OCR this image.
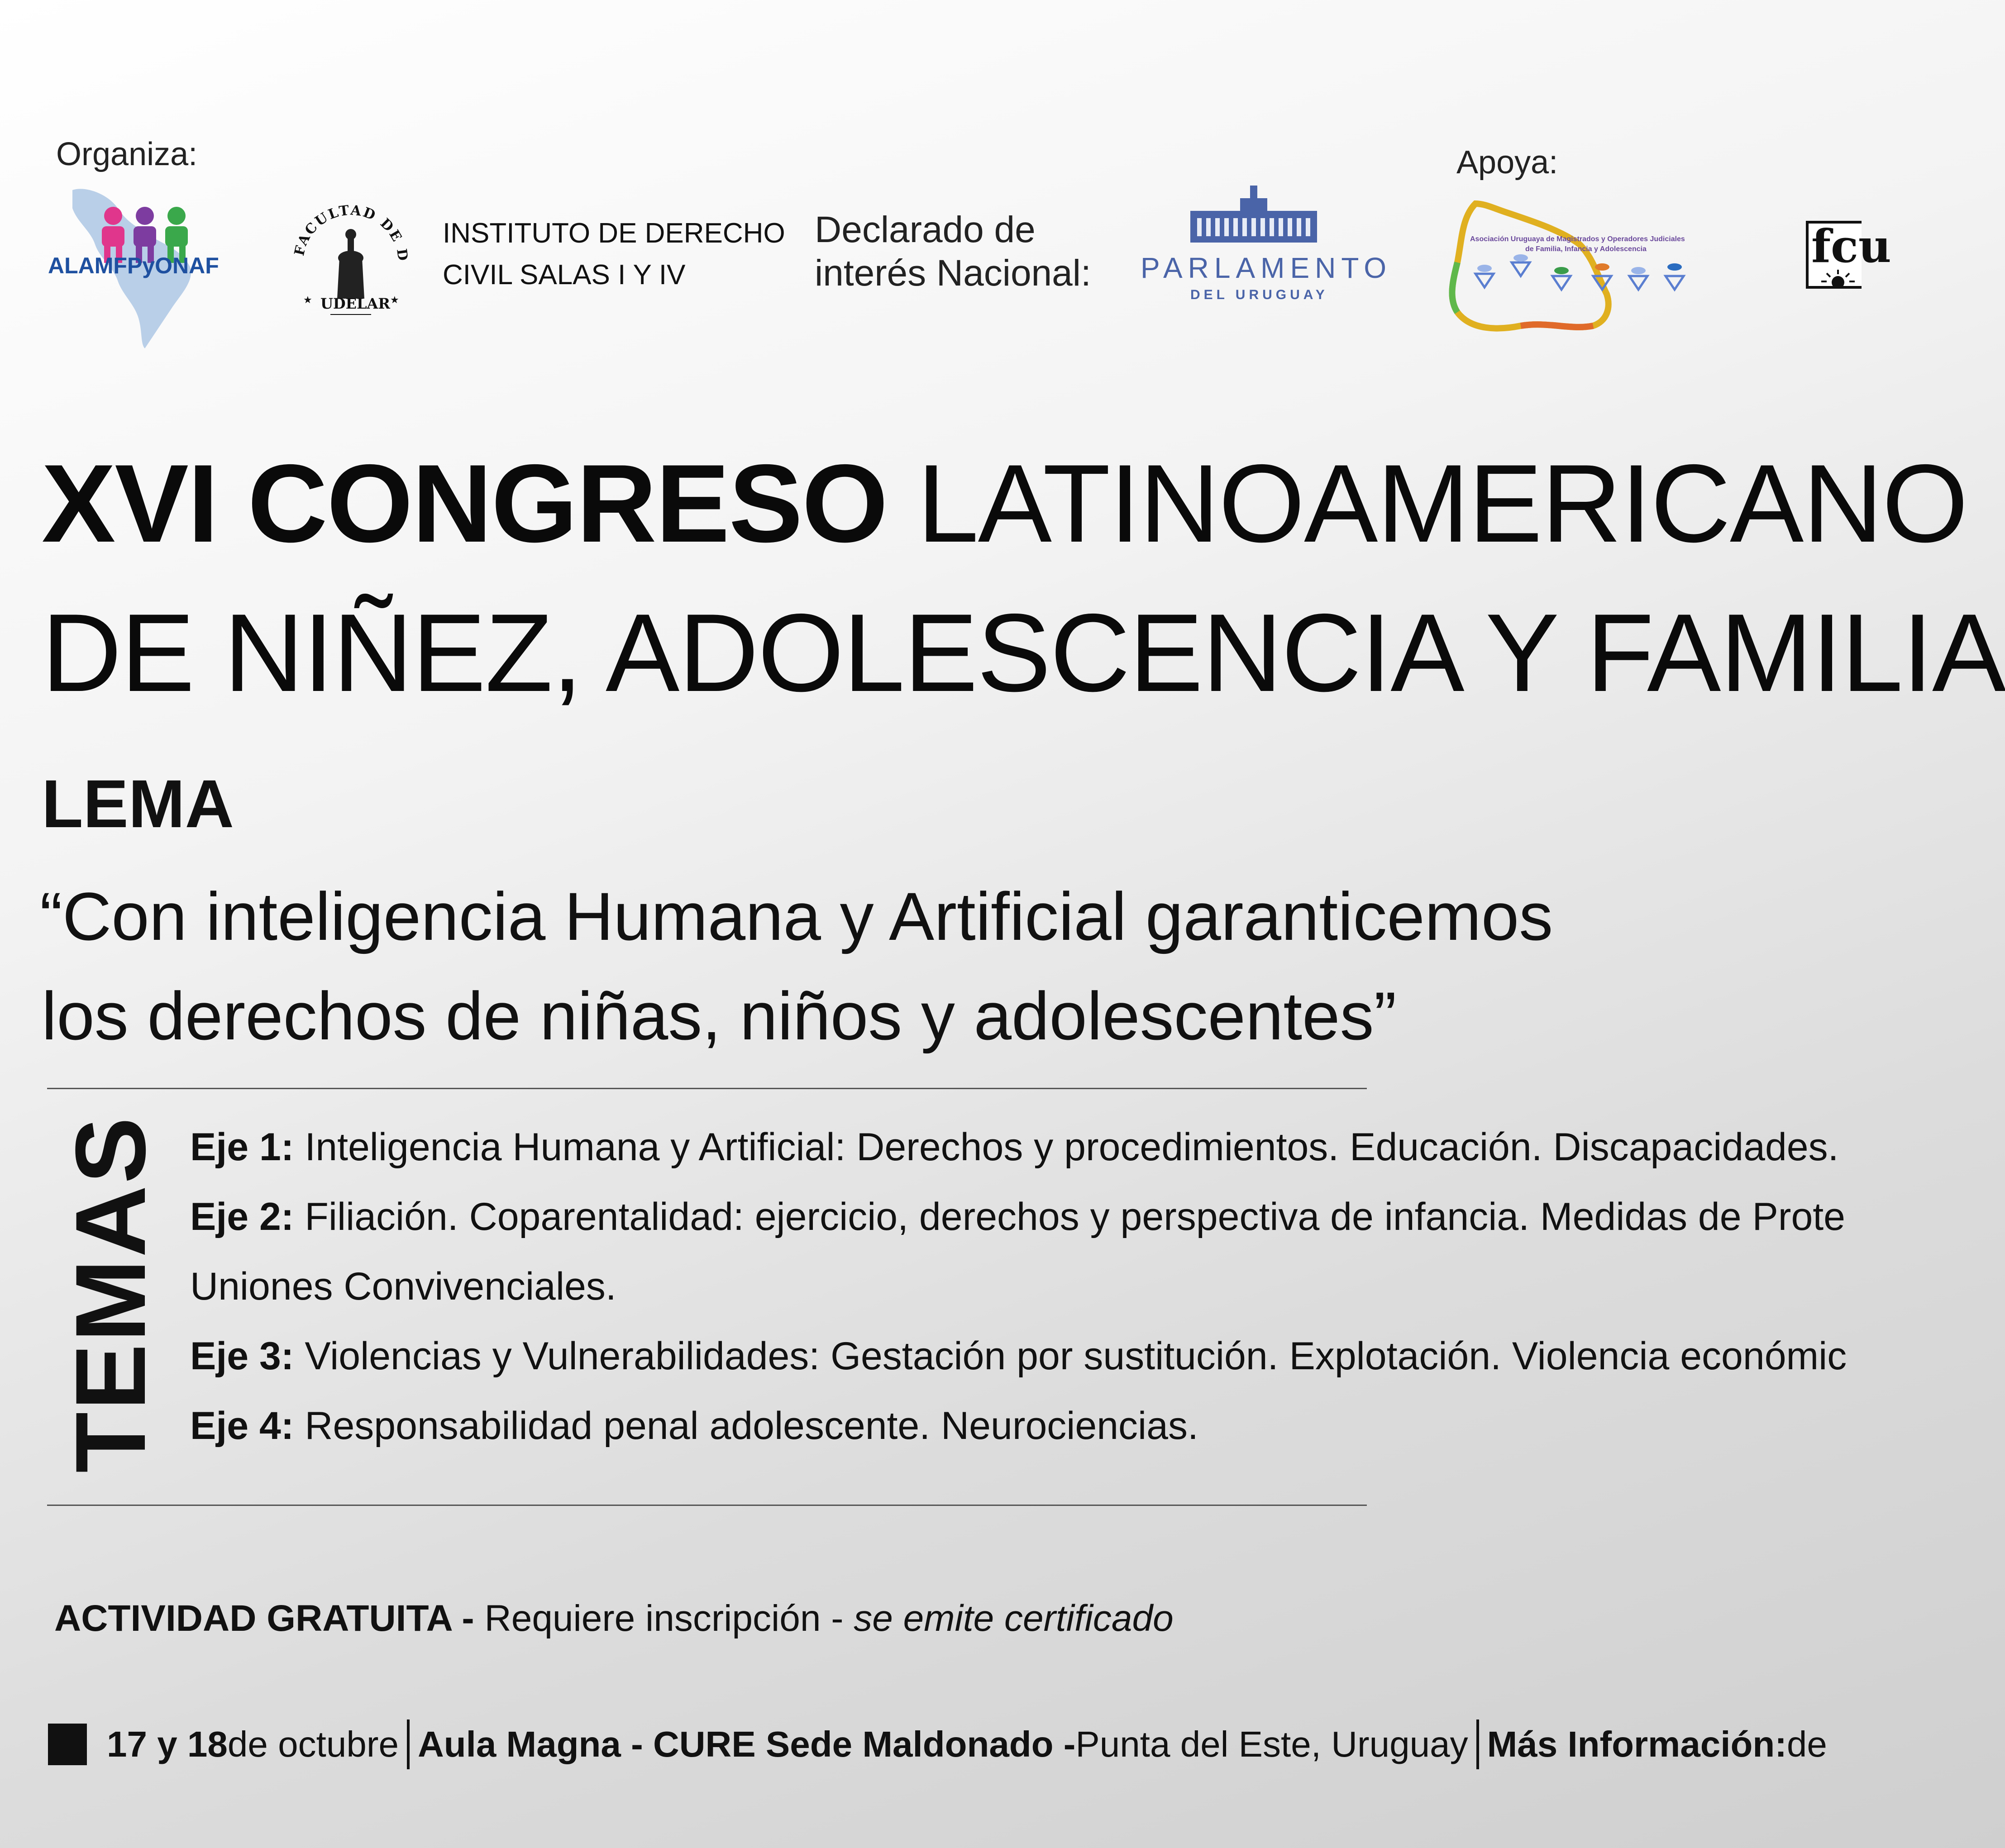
Organiza:
ALAMFPyONAF
FACULTAD DE D
★	★
UDELAR
INSTITUTO DE DERECHO
CIVIL SALAS I Y IV
Declarado de
interés Nacional: PARLAMENTO
DEL URUGUAY
Apoya:
Asociación Uruguaya de Magistrados y Operadores Judiciales
de Familia, Infancia y Adolescencia	fcu
XVI CONGRESO LATINOAMERICANO
DE NIÑEZ, ADOLESCENCIA Y FAMILIA
LEMA
“Con inteligencia Humana y Artificial garanticemos
los derechos de niñas, niños y adolescentes”
TEMAS Eje 1: Inteligencia Humana y Artificial: Derechos y procedimientos. Educación. Discapacidades.
Eje 2: Filiación. Coparentalidad: ejercicio, derechos y perspectiva de infancia. Medidas de Prote
Uniones Convivenciales.
Eje 3: Violencias y Vulnerabilidades: Gestación por sustitución. Explotación. Violencia económic
Eje 4: Responsabilidad penal adolescente. Neurociencias.
ACTIVIDAD GRATUITA - Requiere inscripción - se emite certificado
17 y 18 de octubre Aula Magna - CURE Sede Maldonado - Punta del Este, Uruguay Más Información: de
